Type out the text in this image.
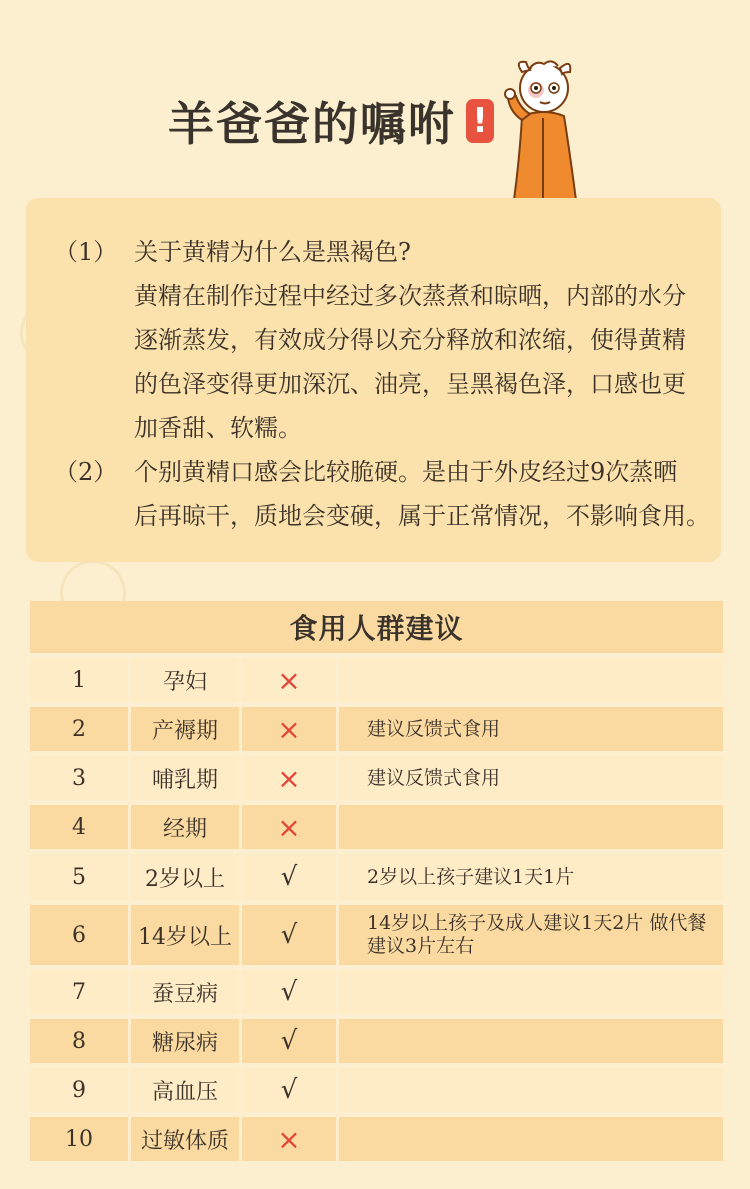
羊爸爸的嘱咐 !
（1） 关于黄精为什么是黑褐色?
黄精在制作过程中经过多次蒸煮和晾晒，内部的水分
逐渐蒸发，有效成分得以充分释放和浓缩，使得黄精
的色泽变得更加深沉、油亮，呈黑褐色泽，口感也更
加香甜、软糯。
（2） 个别黄精口感会比较脆硬。是由于外皮经过9次蒸晒
后再晾干，质地会变硬，属于正常情况，不影响食用。
食用人群建议
1	孕妇	×
2	产褥期	×	建议反馈式食用
3	哺乳期	×	建议反馈式食用
4	经期	×
5	2岁以上	√	2岁以上孩子建议1天1片
6	14岁以上	√	14岁以上孩子及成人建议1天2片 做代餐建议3片左右
7	蚕豆病	√
8	糖尿病	√
9	高血压	√
10	过敏体质	×
